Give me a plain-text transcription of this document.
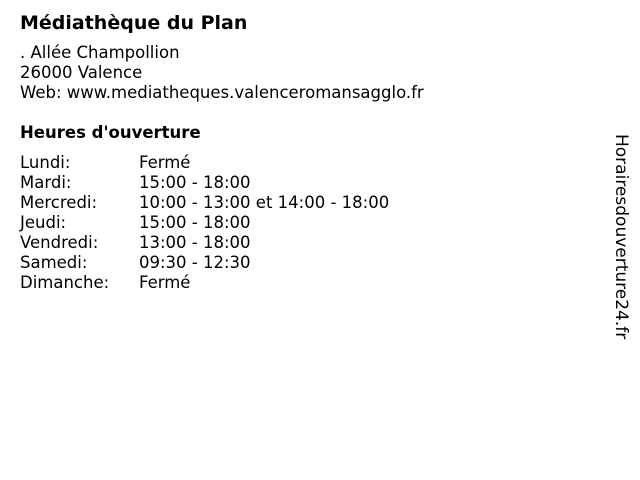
Médiathèque du Plan
. Allée Champollion
26000 Valence
Web: www.mediatheques.valenceromansagglo.fr
Heures d'ouverture
Lundi:	Fermé
Mardi:	15:00 - 18:00
Mercredi:	10:00 - 13:00 et 14:00 - 18:00
Jeudi:	15:00 - 18:00
Vendredi: 13:00 - 18:00
Samedi:	09:30 - 12:30
Dimanche: Fermé	Horairesdouverture24.fr
